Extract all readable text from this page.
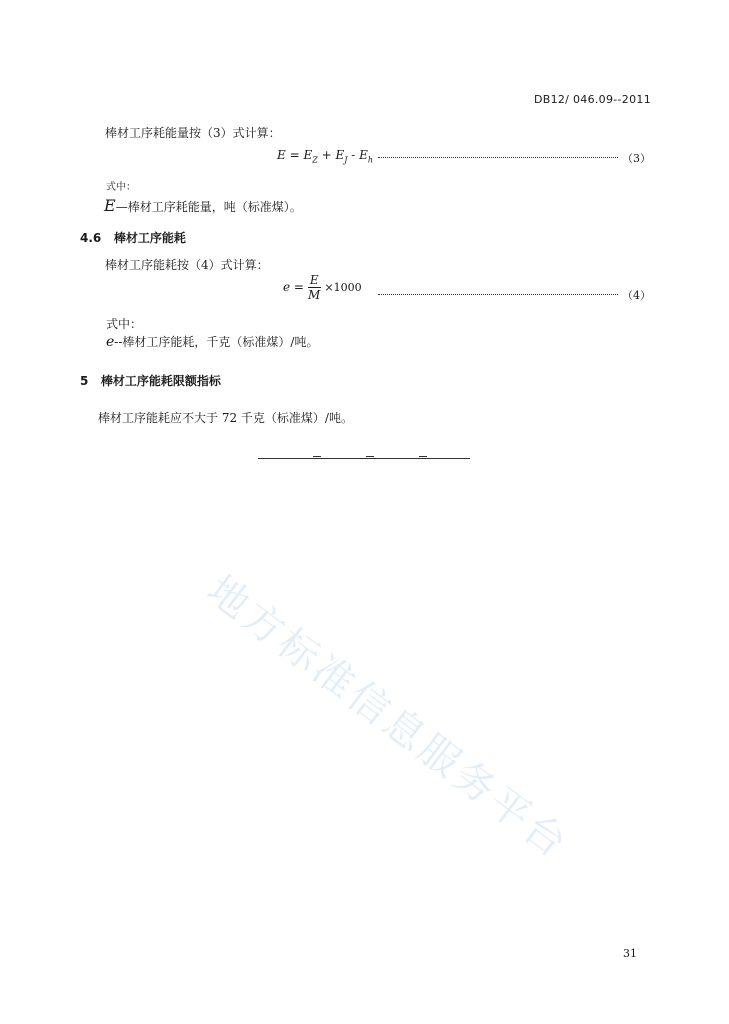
DB12/ 046.09--2011
棒材工序耗能量按（3）式计算：
$E = E_Z + E_J - E_h$	（3）
式中：
E—棒材工序耗能量，吨（标准煤）。
4.6 棒材工序能耗
棒材工序能耗按（4）式计算：
$e = \frac{E}{M} \times 1000$
（4）
式中：
e--棒材工序能耗，千克（标准煤）/吨。
5 棒材工序能耗限额指标
棒材工序能耗应不大于 72 千克（标准煤）/吨。
地方标准信息服务平台
31
